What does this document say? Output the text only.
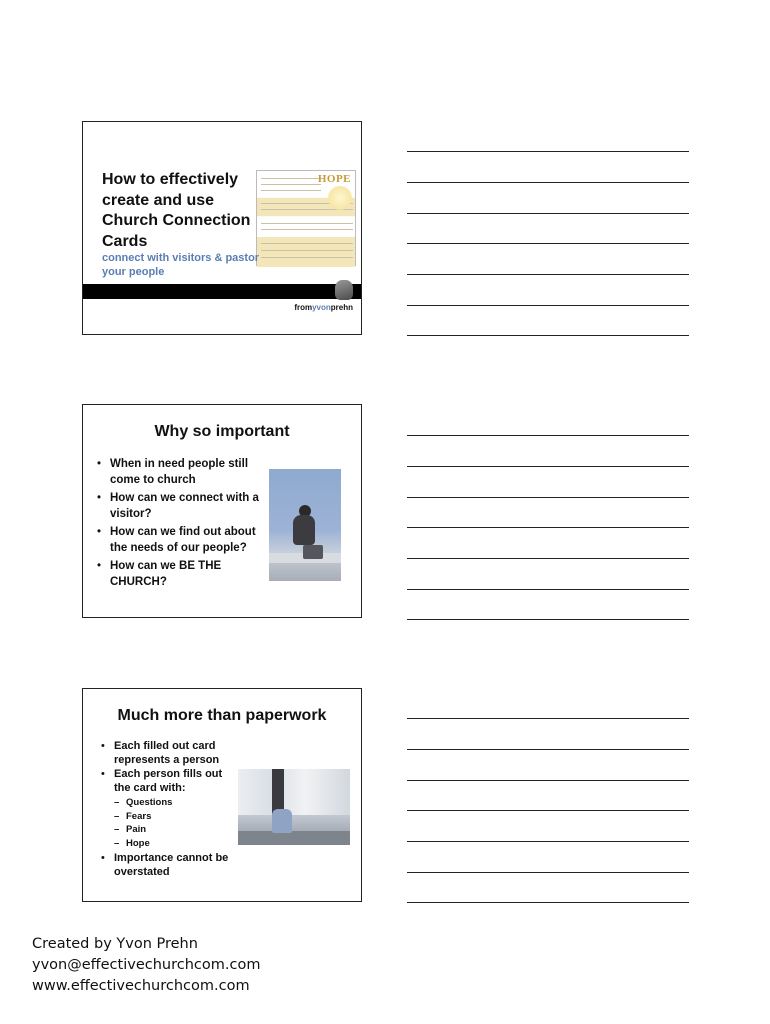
How to effectively create and use Church Connection Cards
HOPE
connect with visitors & pastor your people
fromyvonprehn
Why so important
• When in need people still come to church
• How can we connect with a visitor?
• How can we find out about the needs of our people?
• How can we BE THE CHURCH?
Much more than paperwork
• Each filled out card represents a person
• Each person fills out the card with:
– Questions
– Fears
– Pain
– Hope
• Importance cannot be overstated
Created by Yvon Prehn
yvon@effectivechurchcom.com
www.effectivechurchcom.com
